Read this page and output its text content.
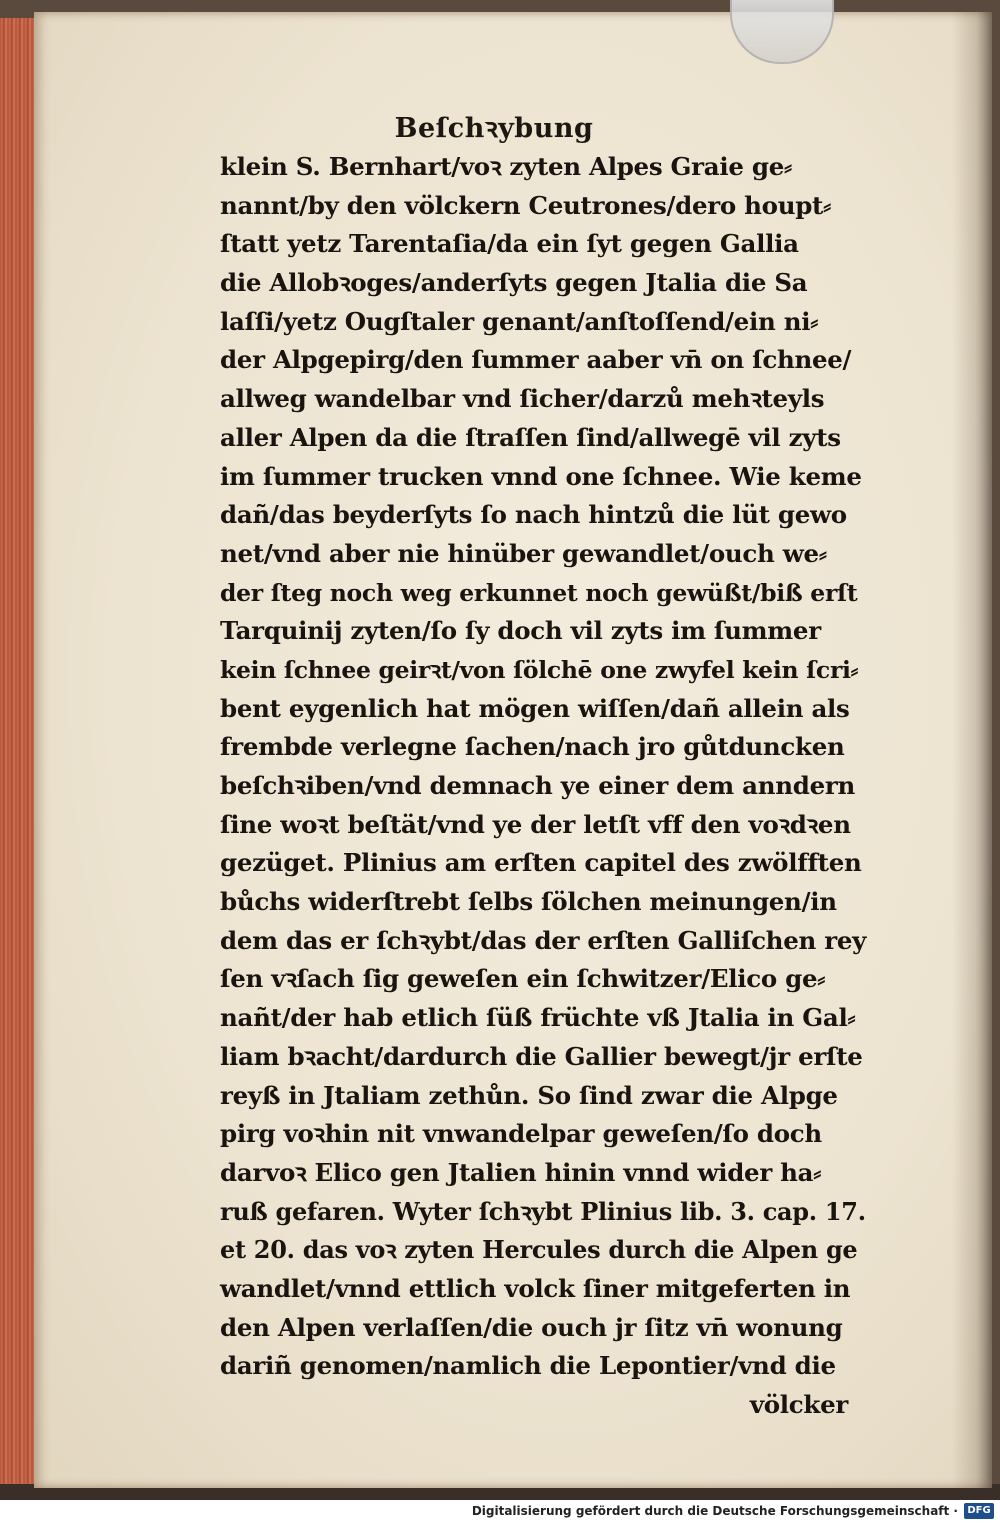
Beſchꝛybung
klein S. Bernhart/voꝛ zyten Alpes Graie ge⸗
nannt/by den völckern Ceutrones/dero houpt⸗
ſtatt yetz Tarentaſia/da ein ſyt gegen Gallia
die Allobꝛoges/anderſyts gegen Jtalia die Sa
laſſi/yetz Ougſtaler genant/anſtoſſend/ein ni⸗
der Alpgepirg/den ſummer aaber vn̄ on ſchnee/
allweg wandelbar vnd ſicher/darzů mehꝛteyls
aller Alpen da die ſtraſſen ſind/allwegē vil zyts
im ſummer trucken vnnd one ſchnee. Wie keme
dañ/das beyderſyts ſo nach hintzů die lüt gewo
net/vnd aber nie hinüber gewandlet/ouch we⸗
der ſteg noch weg erkunnet noch gewüßt/biß erſt
Tarquinij zyten/ſo ſy doch vil zyts im ſummer
kein ſchnee geirꝛt/von ſölchē one zwyfel kein ſcri⸗
bent eygenlich hat mögen wiſſen/dañ allein als
frembde verlegne ſachen/nach jro gůtduncken
beſchꝛiben/vnd demnach ye einer dem anndern
ſine woꝛt beſtät/vnd ye der letſt vff den voꝛdꝛen
gezüget. Plinius am erſten capitel des zwölfften
bůchs widerſtrebt ſelbs ſölchen meinungen/in
dem das er ſchꝛybt/das der erſten Galliſchen rey
ſen vꝛſach ſig geweſen ein ſchwitzer/Elico ge⸗
nañt/der hab etlich ſüß früchte vß Jtalia in Gal⸗
liam bꝛacht/dardurch die Gallier bewegt/jr erſte
reyß in Jtaliam zethůn. So ſind zwar die Alpge
pirg voꝛhin nit vnwandelpar geweſen/ſo doch
darvoꝛ Elico gen Jtalien hinin vnnd wider ha⸗
ruß gefaren. Wyter ſchꝛybt Plinius lib. 3. cap. 17.
et 20. das voꝛ zyten Hercules durch die Alpen ge
wandlet/vnnd ettlich volck ſiner mitgeferten in
den Alpen verlaſſen/die ouch jr ſitz vn̄ wonung
dariñ genomen/namlich die Lepontier/vnd die
völcker
Digitalisierung gefördert durch die Deutsche Forschungsgemeinschaft · DFG
